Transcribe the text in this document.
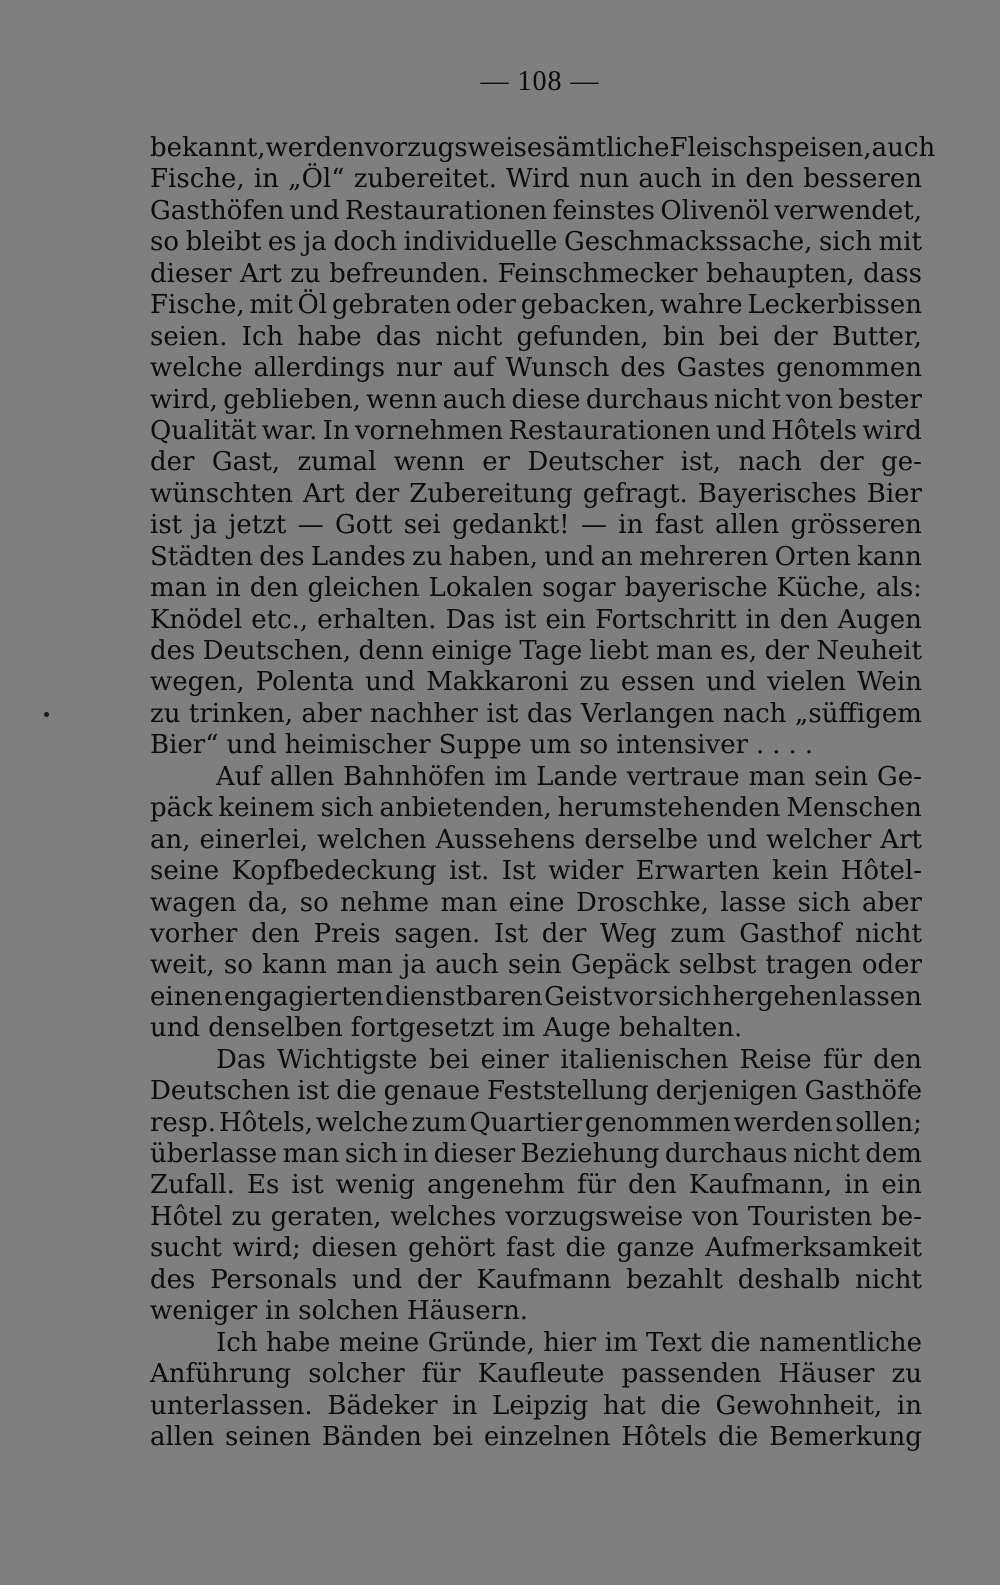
— 108 —
bekannt, werden vorzugsweise sämtliche Fleischspeisen, auch
Fische, in „Öl“ zubereitet. Wird nun auch in den besseren
Gasthöfen und Restaurationen feinstes Olivenöl verwendet,
so bleibt es ja doch individuelle Geschmackssache, sich mit
dieser Art zu befreunden. Feinschmecker behaupten, dass
Fische, mit Öl gebraten oder gebacken, wahre Leckerbissen
seien. Ich habe das nicht gefunden, bin bei der Butter,
welche allerdings nur auf Wunsch des Gastes genommen
wird, geblieben, wenn auch diese durchaus nicht von bester
Qualität war. In vornehmen Restaurationen und Hôtels wird
der Gast, zumal wenn er Deutscher ist, nach der ge-
wünschten Art der Zubereitung gefragt. Bayerisches Bier
ist ja jetzt — Gott sei gedankt! — in fast allen grösseren
Städten des Landes zu haben, und an mehreren Orten kann
man in den gleichen Lokalen sogar bayerische Küche, als:
Knödel etc., erhalten. Das ist ein Fortschritt in den Augen
des Deutschen, denn einige Tage liebt man es, der Neuheit
wegen, Polenta und Makkaroni zu essen und vielen Wein
zu trinken, aber nachher ist das Verlangen nach „süffigem
Bier“ und heimischer Suppe um so intensiver . . . .
Auf allen Bahnhöfen im Lande vertraue man sein Ge-
päck keinem sich anbietenden, herumstehenden Menschen
an, einerlei, welchen Aussehens derselbe und welcher Art
seine Kopfbedeckung ist. Ist wider Erwarten kein Hôtel-
wagen da, so nehme man eine Droschke, lasse sich aber
vorher den Preis sagen. Ist der Weg zum Gasthof nicht
weit, so kann man ja auch sein Gepäck selbst tragen oder
einen engagierten dienstbaren Geist vor sich hergehen lassen
und denselben fortgesetzt im Auge behalten.
Das Wichtigste bei einer italienischen Reise für den
Deutschen ist die genaue Feststellung derjenigen Gasthöfe
resp. Hôtels, welche zum Quartier genommen werden sollen;
überlasse man sich in dieser Beziehung durchaus nicht dem
Zufall. Es ist wenig angenehm für den Kaufmann, in ein
Hôtel zu geraten, welches vorzugsweise von Touristen be-
sucht wird; diesen gehört fast die ganze Aufmerksamkeit
des Personals und der Kaufmann bezahlt deshalb nicht
weniger in solchen Häusern.
Ich habe meine Gründe, hier im Text die namentliche
Anführung solcher für Kaufleute passenden Häuser zu
unterlassen. Bädeker in Leipzig hat die Gewohnheit, in
allen seinen Bänden bei einzelnen Hôtels die Bemerkung
